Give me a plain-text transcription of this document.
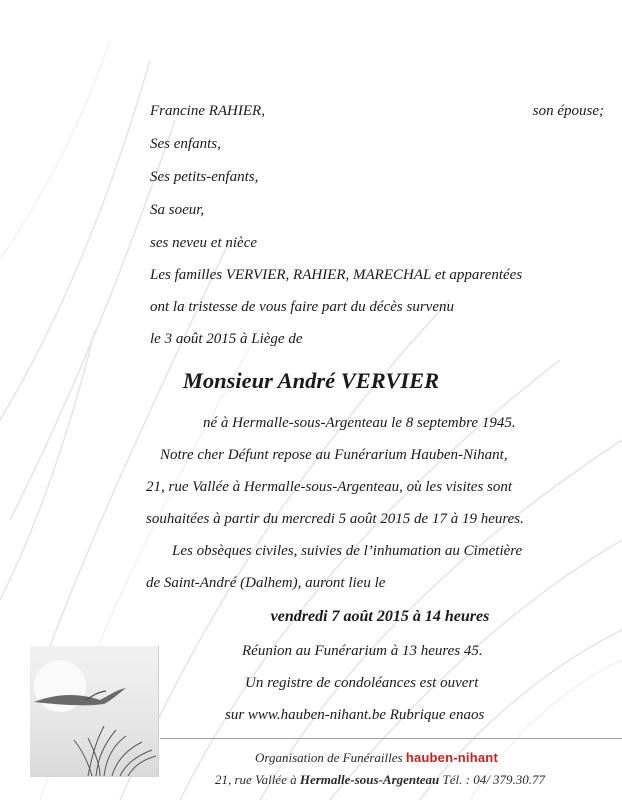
Francine RAHIER,	son épouse;
Ses enfants,
Ses petits-enfants,
Sa soeur,
ses neveu et nièce
Les familles VERVIER, RAHIER, MARECHAL et apparentées
ont la tristesse de vous faire part du décès survenu
le 3 août 2015 à Liège de
Monsieur André VERVIER
né à Hermalle-sous-Argenteau le 8 septembre 1945.
Notre cher Défunt repose au Funérarium Hauben-Nihant,
21, rue Vallée à Hermalle-sous-Argenteau, où les visites sont
souhaitées à partir du mercredi 5 août 2015 de 17 à 19 heures.
Les obsèques civiles, suivies de l’inhumation au Cimetière
de Saint-André (Dalhem), auront lieu le
vendredi 7 août 2015 à 14 heures
Réunion au Funérarium à 13 heures 45.
Un registre de condoléances est ouvert
sur www.hauben-nihant.be Rubrique enaos
Organisation de Funérailles hauben-nihant
21, rue Vallée à Hermalle-sous-Argenteau Tél. : 04/ 379.30.77
